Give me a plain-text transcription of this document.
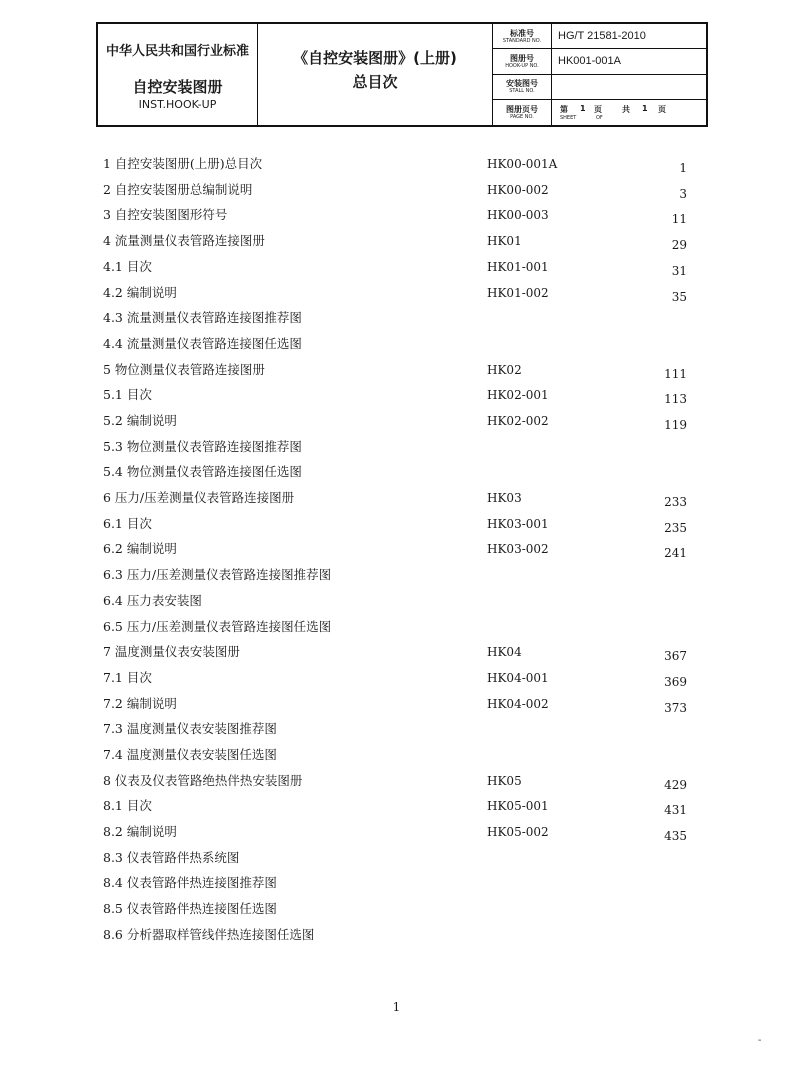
中华人民共和国行业标准
自控安装图册
INST.HOOK-UP
《自控安装图册》(上册)
总目次
标准号
STANDARD NO.	HG/T 21581-2010
图册号
HOOK-UP NO.	HK001-001A
安装图号
STALL NO.
图册页号
PAGE NO.
第 1 页	共 1 页
SHEET	OF
1 自控安装图册(上册)总目次	HK00-001A	1
2 自控安装图册总编制说明	HK00-002	3
3 自控安装图图形符号	HK00-003	11
4 流量测量仪表管路连接图册	HK01	29
4.1 目次	HK01-001	31
4.2 编制说明	HK01-002	35
4.3 流量测量仪表管路连接图推荐图
4.4 流量测量仪表管路连接图任选图
5 物位测量仪表管路连接图册	HK02	111
5.1 目次	HK02-001	113
5.2 编制说明	HK02-002	119
5.3 物位测量仪表管路连接图推荐图
5.4 物位测量仪表管路连接图任选图
6 压力/压差测量仪表管路连接图册	HK03	233
6.1 目次	HK03-001	235
6.2 编制说明	HK03-002	241
6.3 压力/压差测量仪表管路连接图推荐图
6.4 压力表安装图
6.5 压力/压差测量仪表管路连接图任选图
7 温度测量仪表安装图册	HK04	367
7.1 目次	HK04-001	369
7.2 编制说明	HK04-002	373
7.3 温度测量仪表安装图推荐图
7.4 温度测量仪表安装图任选图
8 仪表及仪表管路绝热伴热安装图册	HK05	429
8.1 目次	HK05-001	431
8.2 编制说明	HK05-002	435
8.3 仪表管路伴热系统图
8.4 仪表管路伴热连接图推荐图
8.5 仪表管路伴热连接图任选图
8.6 分析器取样管线伴热连接图任选图
1
-
